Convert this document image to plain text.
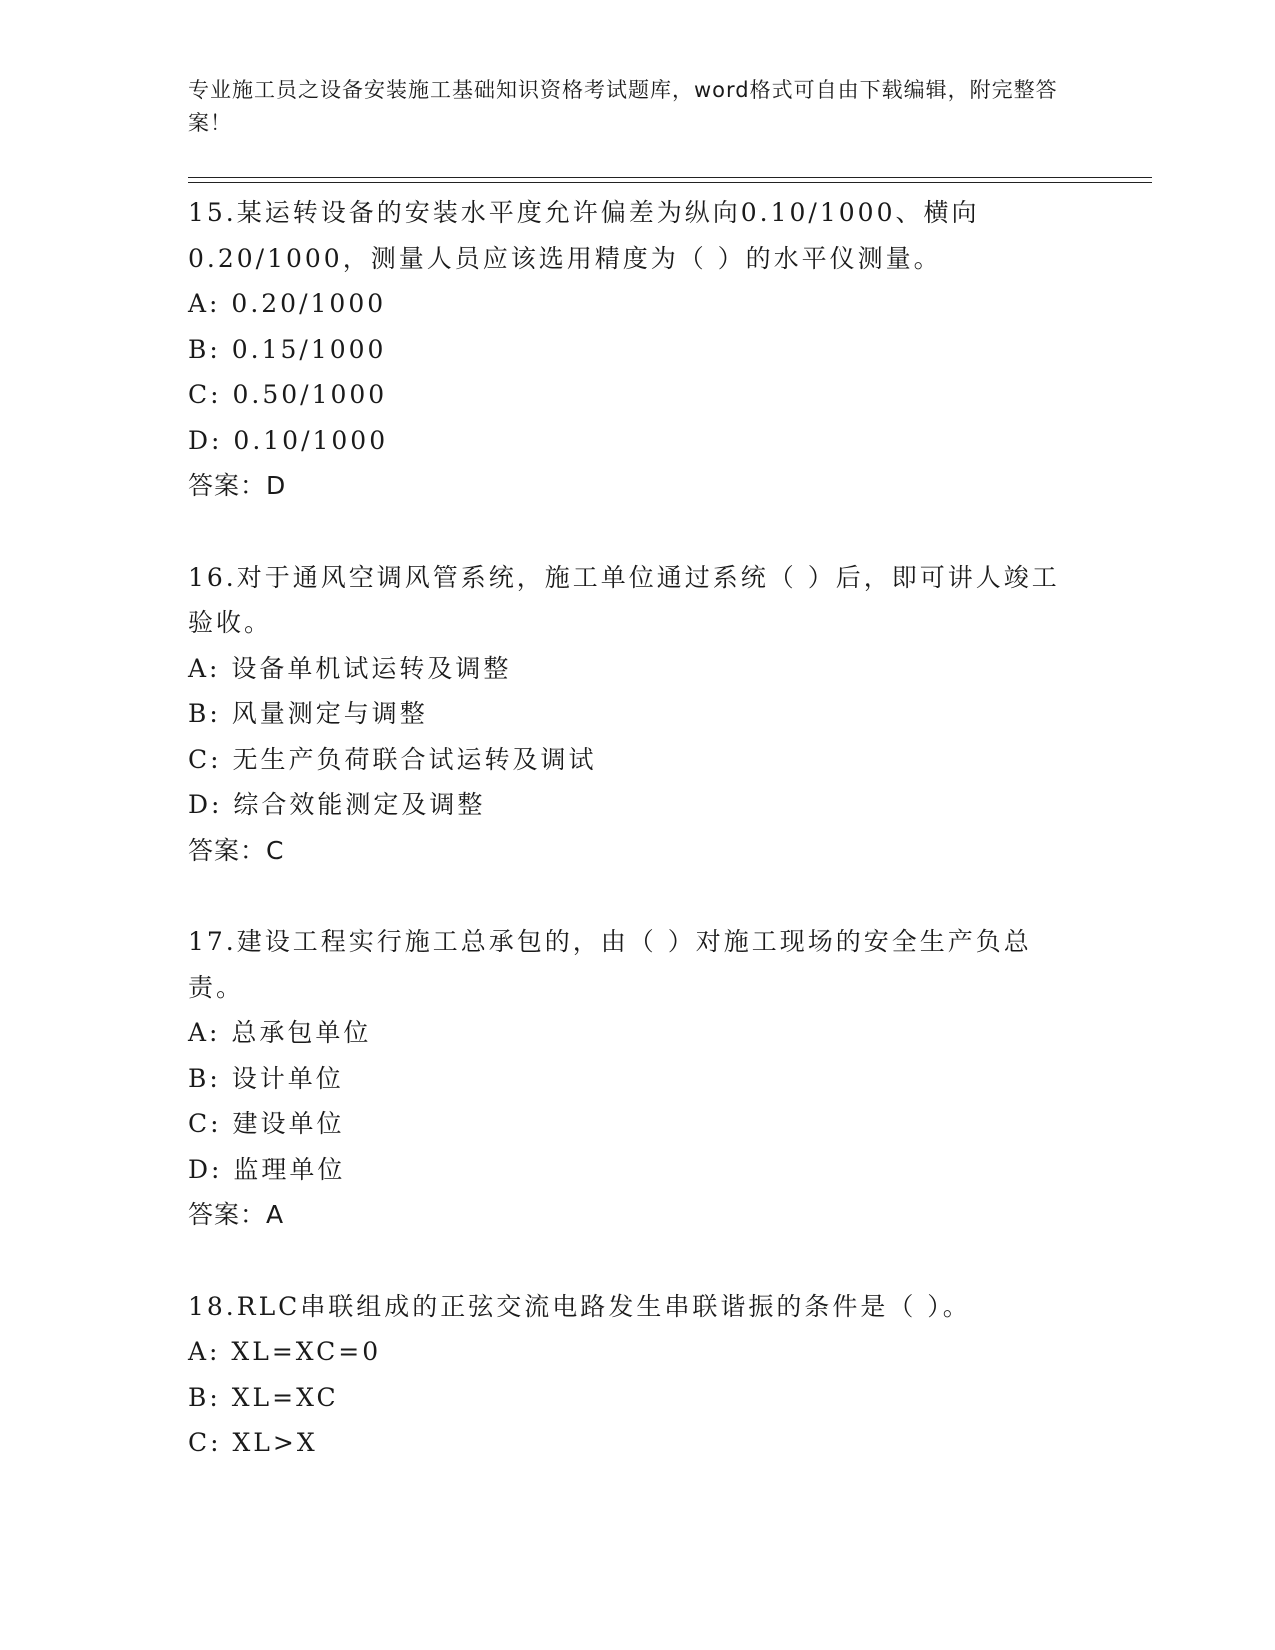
专业施工员之设备安装施工基础知识资格考试题库，word格式可自由下载编辑，附完整答案！

15.某运转设备的安装水平度允许偏差为纵向0.10/1000、横向0.20/1000，测量人员应该选用精度为（ ）的水平仪测量。

A: 0.20/1000

B: 0.15/1000

C: 0.50/1000

D: 0.10/1000

答案：D

16.对于通风空调风管系统，施工单位通过系统（ ）后，即可讲人竣工验收。

A: 设备单机试运转及调整

B: 风量测定与调整

C: 无生产负荷联合试运转及调试

D: 综合效能测定及调整

答案：C

17.建设工程实行施工总承包的，由（ ）对施工现场的安全生产负总责。

A: 总承包单位

B: 设计单位

C: 建设单位

D: 监理单位

答案：A

18.RLC串联组成的正弦交流电路发生串联谐振的条件是（ ）。

A: XL=XC=0

B: XL=XC

C: XL>X
